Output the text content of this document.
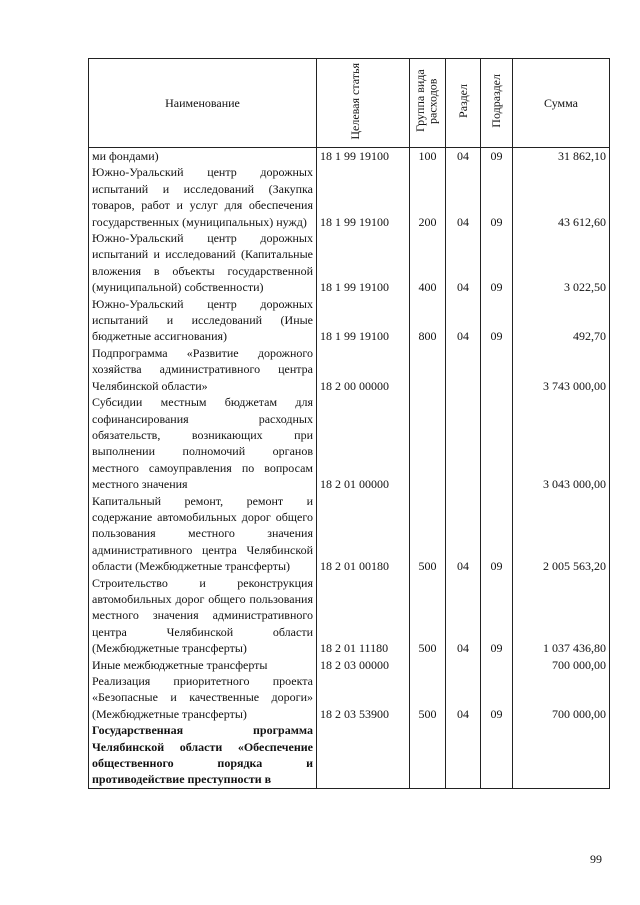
Наименование	Целевая статья	Группа вида расходов	Раздел	Подраздел	Сумма
ми фондами)	18 1 99 19100	100	04	09	31 862,10
Южно-Уральский центр дорожных испытаний и исследований (Закупка товаров, работ и услуг для обеспечения государственных (муниципальных) нужд)	18 1 99 19100	200	04	09	43 612,60
Южно-Уральский центр дорожных испытаний и исследований (Капитальные вложения в объекты государственной (муниципальной) собственности)	18 1 99 19100	400	04	09	3 022,50
Южно-Уральский центр дорожных испытаний и исследований (Иные бюджетные ассигнования)	18 1 99 19100	800	04	09	492,70
Подпрограмма «Развитие дорожного хозяйства административного центра Челябинской области»	18 2 00 00000				3 743 000,00
Субсидии местным бюджетам для софинансирования расходных обязательств, возникающих при выполнении полномочий органов местного самоуправления по вопросам местного значения	18 2 01 00000				3 043 000,00
Капитальный ремонт, ремонт и содержание автомобильных дорог общего пользования местного значения административного центра Челябинской области (Межбюджетные трансферты)	18 2 01 00180	500	04	09	2 005 563,20
Строительство и реконструкция автомобильных дорог общего пользования местного значения административного центра Челябинской области (Межбюджетные трансферты)	18 2 01 11180	500	04	09	1 037 436,80
Иные межбюджетные трансферты	18 2 03 00000				700 000,00
Реализация приоритетного проекта «Безопасные и качественные дороги» (Межбюджетные трансферты)	18 2 03 53900	500	04	09	700 000,00
Государственная программа Челябинской области «Обеспечение общественного порядка и противодействие преступности в					
99
